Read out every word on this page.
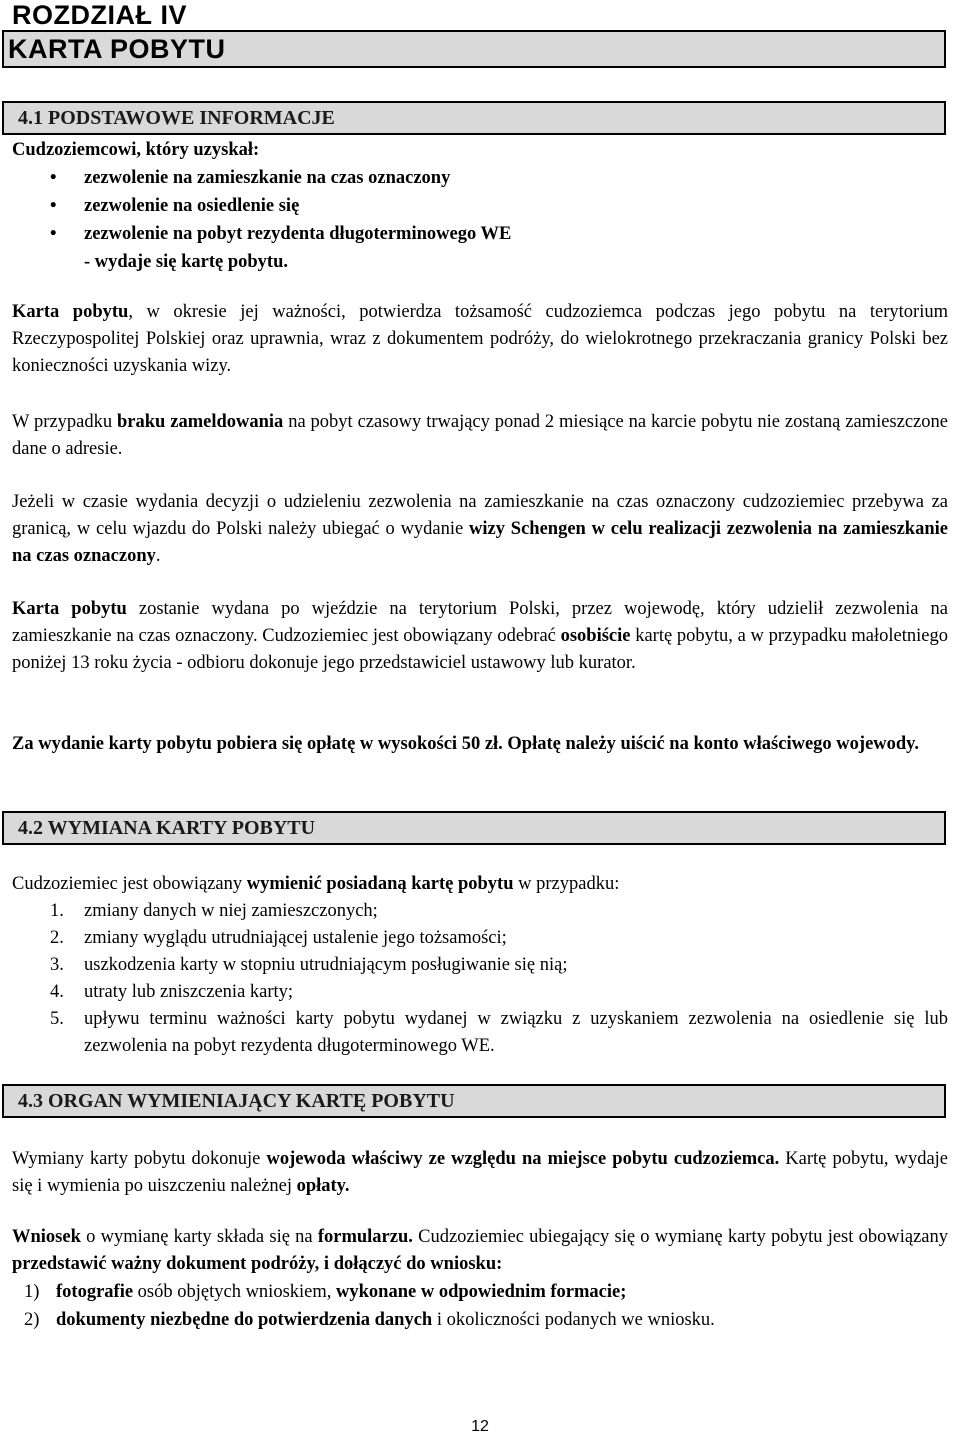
ROZDZIAŁ IV
KARTA POBYTU
4.1 PODSTAWOWE INFORMACJE

Cudzoziemcowi, który uzyskał:

• zezwolenie na zamieszkanie na czas oznaczony
• zezwolenie na osiedlenie się
• zezwolenie na pobyt rezydenta długoterminowego WE

- wydaje się kartę pobytu.

Karta pobytu, w okresie jej ważności, potwierdza tożsamość cudzoziemca podczas jego pobytu na terytorium Rzeczypospolitej Polskiej oraz uprawnia, wraz z dokumentem podróży, do wielokrotnego przekraczania granicy Polski bez konieczności uzyskania wizy.

W przypadku braku zameldowania na pobyt czasowy trwający ponad 2 miesiące na karcie pobytu nie zostaną zamieszczone dane o adresie.

Jeżeli w czasie wydania decyzji o udzieleniu zezwolenia na zamieszkanie na czas oznaczony cudzoziemiec przebywa za granicą, w celu wjazdu do Polski należy ubiegać o wydanie wizy Schengen w celu realizacji zezwolenia na zamieszkanie na czas oznaczony.

Karta pobytu zostanie wydana po wjeździe na terytorium Polski, przez wojewodę, który udzielił zezwolenia na zamieszkanie na czas oznaczony. Cudzoziemiec jest obowiązany odebrać osobiście kartę pobytu, a w przypadku małoletniego poniżej 13 roku życia - odbioru dokonuje jego przedstawiciel ustawowy lub kurator.

Za wydanie karty pobytu pobiera się opłatę w wysokości 50 zł. Opłatę należy uiścić na konto właściwego wojewody.

4.2 WYMIANA KARTY POBYTU

Cudzoziemiec jest obowiązany wymienić posiadaną kartę pobytu w przypadku:

1. zmiany danych w niej zamieszczonych;
2. zmiany wyglądu utrudniającej ustalenie jego tożsamości;
3. uszkodzenia karty w stopniu utrudniającym posługiwanie się nią;
4. utraty lub zniszczenia karty;
5. upływu terminu ważności karty pobytu wydanej w związku z uzyskaniem zezwolenia na osiedlenie się lub zezwolenia na pobyt rezydenta długoterminowego WE.
4.3 ORGAN WYMIENIAJĄCY KARTĘ POBYTU

Wymiany karty pobytu dokonuje wojewoda właściwy ze względu na miejsce pobytu cudzoziemca. Kartę pobytu, wydaje się i wymienia po uiszczeniu należnej opłaty.

Wniosek o wymianę karty składa się na formularzu. Cudzoziemiec ubiegający się o wymianę karty pobytu jest obowiązany przedstawić ważny dokument podróży, i dołączyć do wniosku:

1) fotografie osób objętych wnioskiem, wykonane w odpowiednim formacie;
2) dokumenty niezbędne do potwierdzenia danych i okoliczności podanych we wniosku.
12
